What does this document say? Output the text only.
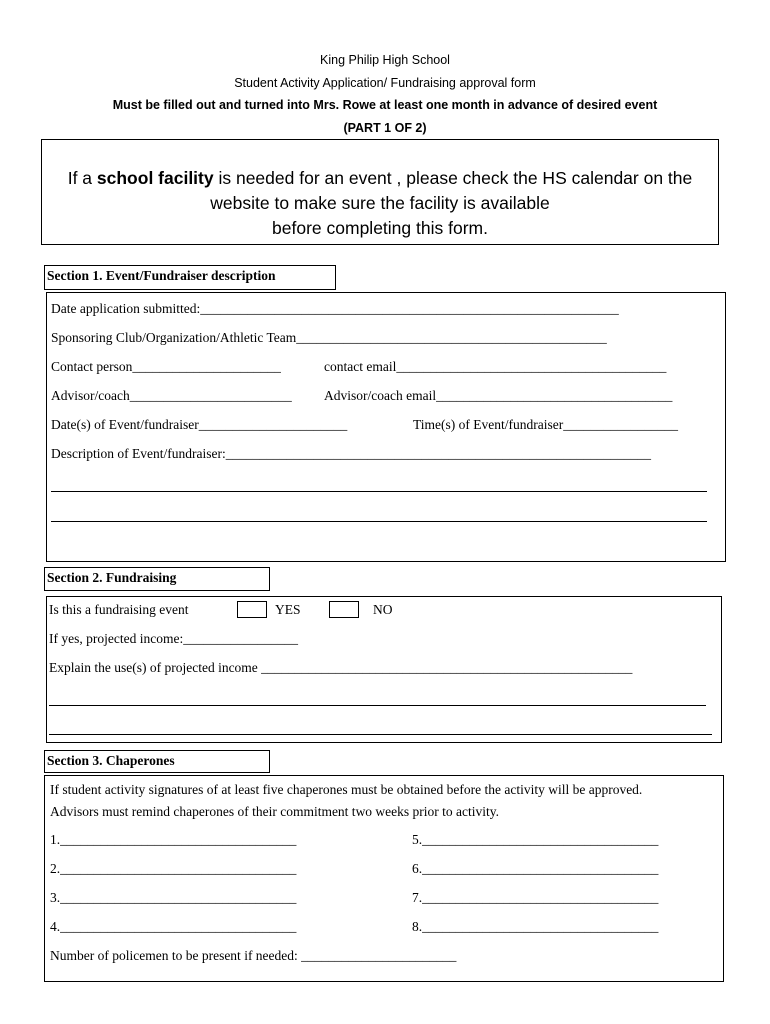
King Philip High School
Student Activity Application/ Fundraising approval form
Must be filled out and turned into Mrs. Rowe at least one month in advance of desired event
(PART 1 OF 2)
If a school facility is needed for an event , please check the HS calendar on the
website to make sure the facility is available
before completing this form.
Section 1. Event/Fundraiser description
Date application submitted:______________________________________________________________
Sponsoring Club/Organization/Athletic Team______________________________________________
Contact person______________________	contact email________________________________________
Advisor/coach________________________ Advisor/coach email___________________________________
Date(s) of Event/fundraiser______________________	Time(s) of Event/fundraiser_________________
Description of Event/fundraiser:_______________________________________________________________
Section 2. Fundraising
Is this a fundraising event	YES	NO
If yes, projected income:_________________
Explain the use(s) of projected income _______________________________________________________
Section 3. Chaperones
If student activity signatures of at least five chaperones must be obtained before the activity will be approved.
Advisors must remind chaperones of their commitment two weeks prior to activity.
1.___________________________________
2.___________________________________
3.___________________________________
4.___________________________________
5.___________________________________
6.___________________________________
7.___________________________________
8.___________________________________
Number of policemen to be present if needed: _______________________
